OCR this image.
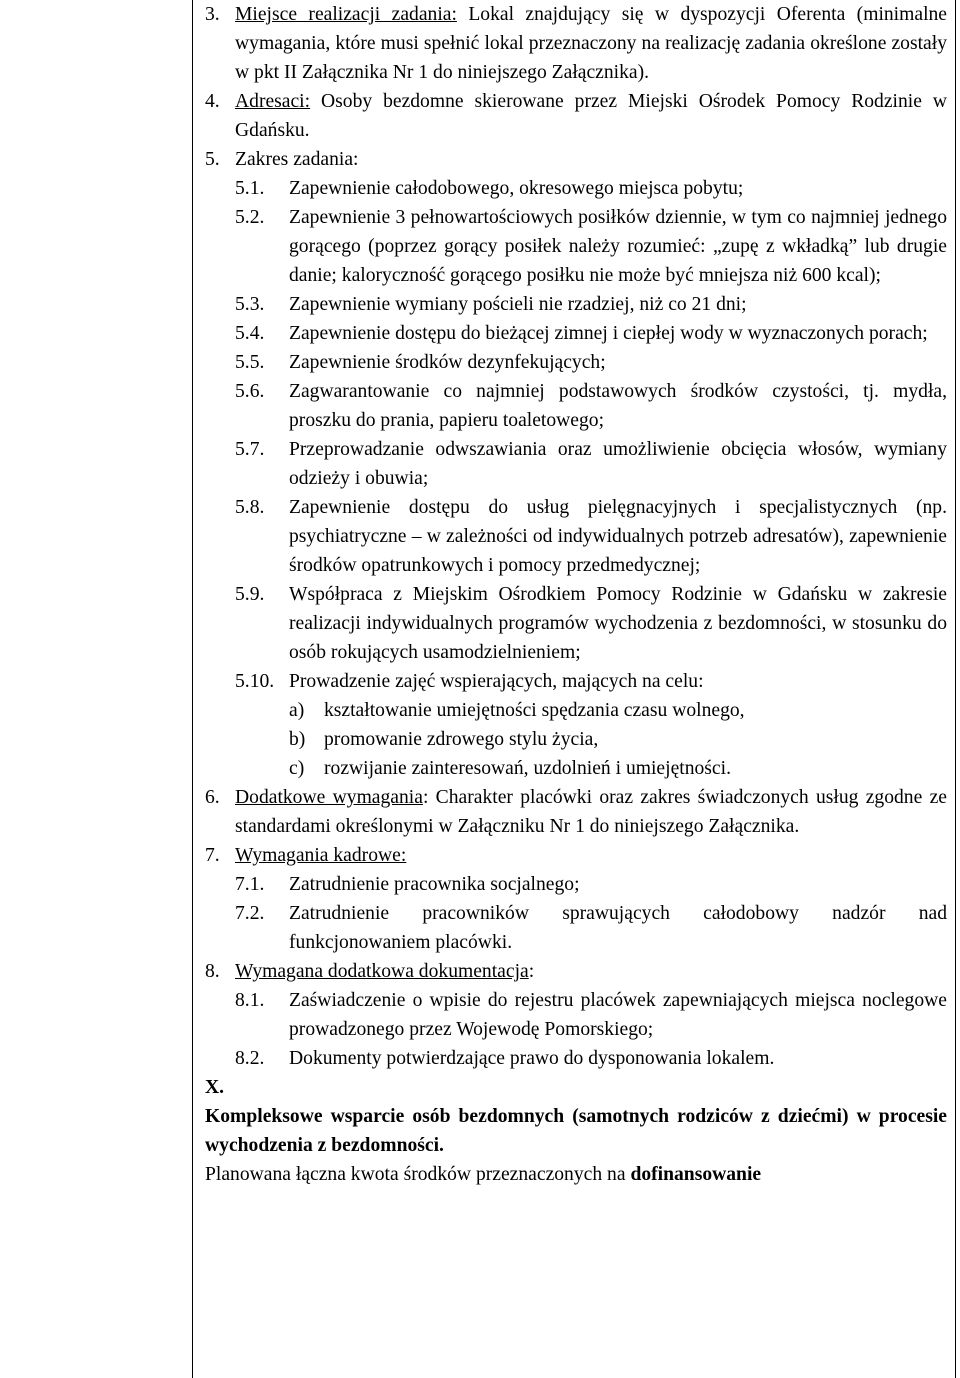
3. Miejsce realizacji zadania: Lokal znajdujący się w dyspozycji Oferenta (minimalne wymagania, które musi spełnić lokal przeznaczony na realizację zadania określone zostały w pkt II Załącznika Nr 1 do niniejszego Załącznika).
4. Adresaci: Osoby bezdomne skierowane przez Miejski Ośrodek Pomocy Rodzinie w Gdańsku.
5. Zakres zadania:
5.1.	Zapewnienie całodobowego, okresowego miejsca pobytu;
5.2.	Zapewnienie 3 pełnowartościowych posiłków dziennie, w tym co najmniej jednego gorącego (poprzez gorący posiłek należy rozumieć: „zupę z wkładką” lub drugie danie; kaloryczność gorącego posiłku nie może być mniejsza niż 600 kcal);
5.3.	Zapewnienie wymiany pościeli nie rzadziej, niż co 21 dni;
5.4.	Zapewnienie dostępu do bieżącej zimnej i ciepłej wody w wyznaczonych porach;
5.5.	Zapewnienie środków dezynfekujących;
5.6.	Zagwarantowanie co najmniej podstawowych środków czystości, tj. mydła, proszku do prania, papieru toaletowego;
5.7.	Przeprowadzanie odwszawiania oraz umożliwienie obcięcia włosów, wymiany odzieży i obuwia;
5.8.	Zapewnienie dostępu do usług pielęgnacyjnych i specjalistycznych (np. psychiatryczne – w zależności od indywidualnych potrzeb adresatów), zapewnienie środków opatrunkowych i pomocy przedmedycznej;
5.9.	Współpraca z Miejskim Ośrodkiem Pomocy Rodzinie w Gdańsku w zakresie realizacji indywidualnych programów wychodzenia z bezdomności, w stosunku do osób rokujących usamodzielnieniem;
5.10. Prowadzenie zajęć wspierających, mających na celu:
a)	kształtowanie umiejętności spędzania czasu wolnego,
b) promowanie zdrowego stylu życia,
c)	rozwijanie zainteresowań, uzdolnień i umiejętności.
6. Dodatkowe wymagania: Charakter placówki oraz zakres świadczonych usług zgodne ze standardami określonymi w Załączniku Nr 1 do niniejszego Załącznika.
7. Wymagania kadrowe:
7.1.	Zatrudnienie pracownika socjalnego;
7.2.	Zatrudnienie pracowników sprawujących całodobowy nadzór nad funkcjonowaniem placówki.
8. Wymagana dodatkowa dokumentacja:
8.1.	Zaświadczenie o wpisie do rejestru placówek zapewniających miejsca noclegowe prowadzonego przez Wojewodę Pomorskiego;
8.2.	Dokumenty potwierdzające prawo do dysponowania lokalem.
X.
Kompleksowe wsparcie osób bezdomnych (samotnych rodziców z dziećmi) w procesie wychodzenia z bezdomności.
Planowana łączna kwota środków przeznaczonych na dofinansowanie
